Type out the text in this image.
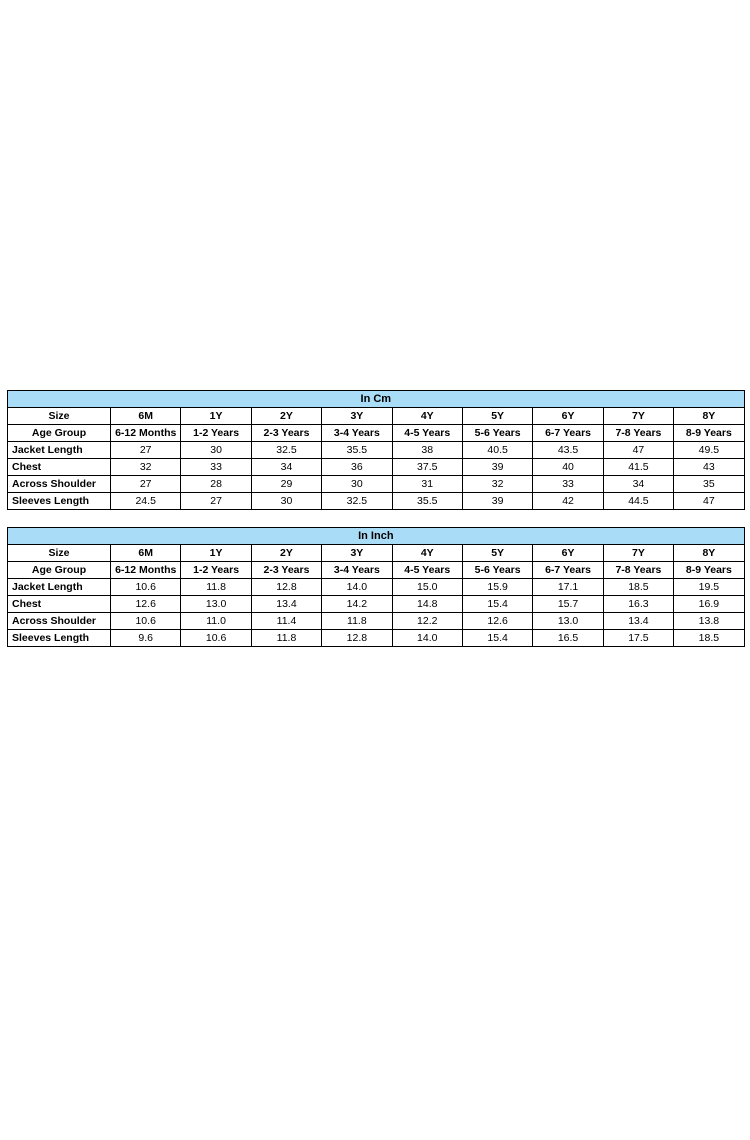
In Cm									
Size	6M	1Y	2Y	3Y	4Y	5Y	6Y	7Y	8Y
Age Group	6-12 Months	1-2 Years	2-3 Years	3-4 Years	4-5 Years	5-6 Years	6-7 Years	7-8 Years	8-9 Years
Jacket Length	27	30	32.5	35.5	38	40.5	43.5	47	49.5
Chest	32	33	34	36	37.5	39	40	41.5	43
Across Shoulder	27	28	29	30	31	32	33	34	35
Sleeves Length	24.5	27	30	32.5	35.5	39	42	44.5	47
In Inch									
Size	6M	1Y	2Y	3Y	4Y	5Y	6Y	7Y	8Y
Age Group	6-12 Months	1-2 Years	2-3 Years	3-4 Years	4-5 Years	5-6 Years	6-7 Years	7-8 Years	8-9 Years
Jacket Length	10.6	11.8	12.8	14.0	15.0	15.9	17.1	18.5	19.5
Chest	12.6	13.0	13.4	14.2	14.8	15.4	15.7	16.3	16.9
Across Shoulder	10.6	11.0	11.4	11.8	12.2	12.6	13.0	13.4	13.8
Sleeves Length	9.6	10.6	11.8	12.8	14.0	15.4	16.5	17.5	18.5
